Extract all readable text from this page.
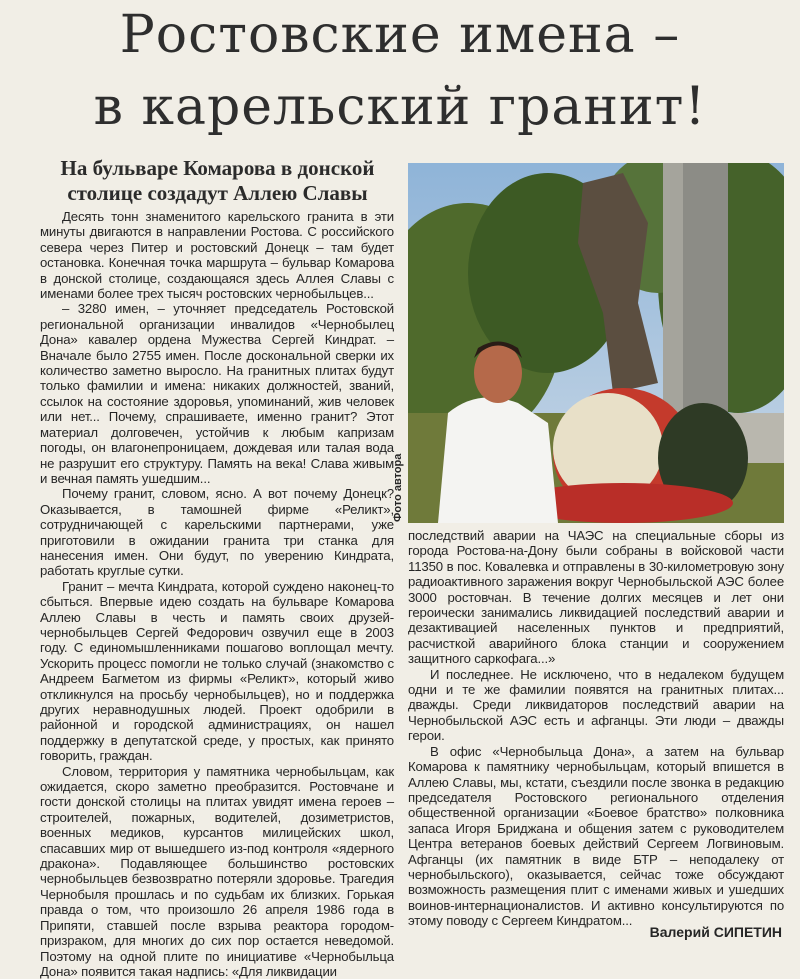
Ростовские имена –
в карельский гранит!
На бульваре Комарова в донской столице создадут Аллею Славы

Десять тонн знаменитого карельского гранита в эти минуты двигаются в направлении Ростова. С российского севера через Питер и ростовский Донецк – там будет остановка. Конечная точка маршрута – бульвар Комарова в донской столице, создающаяся здесь Аллея Славы с именами более трех тысяч ростовских чернобыльцев...

– 3280 имен, – уточняет председатель Ростовской региональной организации инвалидов «Чернобылец Дона» кавалер ордена Мужества Сергей Киндрат. – Вначале было 2755 имен. После доскональной сверки их количество заметно выросло. На гранитных плитах будут только фамилии и имена: никаких должностей, званий, ссылок на состояние здоровья, упоминаний, жив человек или нет... Почему, спрашиваете, именно гранит? Этот материал долговечен, устойчив к любым капризам погоды, он влагонепроницаем, дождевая или талая вода не разрушит его структуру. Память на века! Слава живым и вечная память ушедшим...

Почему гранит, словом, ясно. А вот почему Донецк? Оказывается, в тамошней фирме «Реликт», сотрудничающей с карельскими партнерами, уже приготовили в ожидании гранита три станка для нанесения имен. Они будут, по уверению Киндрата, работать круглые сутки.

Гранит – мечта Киндрата, которой суждено наконец-то сбыться. Впервые идею создать на бульваре Комарова Аллею Славы в честь и память своих друзей-чернобыльцев Сергей Федорович озвучил еще в 2003 году. С единомышленниками пошагово воплощал мечту. Ускорить процесс помогли не только случай (знакомство с Андреем Багметом из фирмы «Реликт», который живо откликнулся на просьбу чернобыльцев), но и поддержка других неравнодушных людей. Проект одобрили в районной и городской администрациях, он нашел поддержку в депутатской среде, у простых, как принято говорить, граждан.

Словом, территория у памятника чернобыльцам, как ожидается, скоро заметно преобразится. Ростовчане и гости донской столицы на плитах увидят имена героев – строителей, пожарных, водителей, дозиметристов, военных медиков, курсантов милицейских школ, спасавших мир от вышедшего из-под контроля «ядерного дракона». Подавляющее большинство ростовских чернобыльцев безвозвратно потеряли здоровье. Трагедия Чернобыля прошлась и по судьбам их близких. Горькая правда о том, что произошло 26 апреля 1986 года в Припяти, ставшей после взрыва реактора городом-призраком, для многих до сих пор остается неведомой. Поэтому на одной плите по инициативе «Чернобыльца Дона» появится такая надпись: «Для ликвидации

Фото автора

последствий аварии на ЧАЭС на специальные сборы из города Ростова-на-Дону были собраны в войсковой части 11350 в пос. Ковалевка и отправлены в 30-километровую зону радиоактивного заражения вокруг Чернобыльской АЭС более 3000 ростовчан. В течение долгих месяцев и лет они героически занимались ликвидацией последствий аварии и дезактивацией населенных пунктов и предприятий, расчисткой аварийного блока станции и сооружением защитного саркофага...»

И последнее. Не исключено, что в недалеком будущем одни и те же фамилии появятся на гранитных плитах... дважды. Среди ликвидаторов последствий аварии на Чернобыльской АЭС есть и афганцы. Эти люди – дважды герои.

В офис «Чернобыльца Дона», а затем на бульвар Комарова к памятнику чернобыльцам, который впишется в Аллею Славы, мы, кстати, съездили после звонка в редакцию председателя Ростовского регионального отделения общественной организации «Боевое братство» полковника запаса Игоря Бриджана и общения затем с руководителем Центра ветеранов боевых действий Сергеем Логвиновым. Афганцы (их памятник в виде БТР – неподалеку от чернобыльского), оказывается, сейчас тоже обсуждают возможность размещения плит с именами живых и ушедших воинов-интернационалистов. И активно консультируются по этому поводу с Сергеем Киндратом...

Валерий СИПЕТИН
